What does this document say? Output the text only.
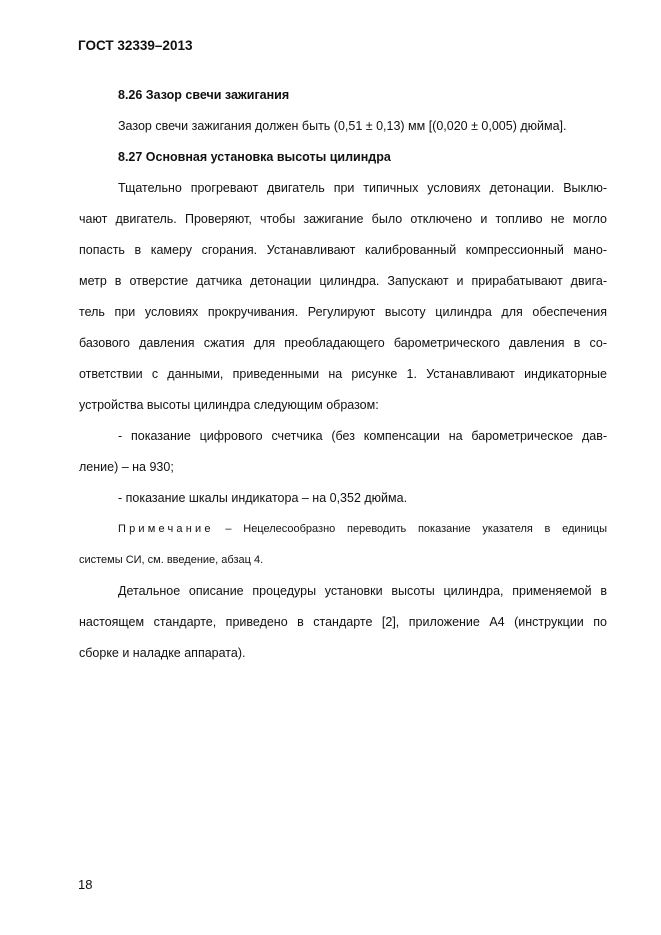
ГОСТ 32339–2013
8.26 Зазор свечи зажигания
Зазор свечи зажигания должен быть (0,51 ± 0,13) мм [(0,020 ± 0,005) дюйма].
8.27 Основная установка высоты цилиндра
Тщательно прогревают двигатель при типичных условиях детонации. Выклю-
чают двигатель. Проверяют, чтобы зажигание было отключено и топливо не могло
попасть в камеру сгорания. Устанавливают калиброванный компрессионный мано-
метр в отверстие датчика детонации цилиндра. Запускают и прирабатывают двига-
тель при условиях прокручивания. Регулируют высоту цилиндра для обеспечения
базового давления сжатия для преобладающего барометрического давления в со-
ответствии с данными, приведенными на рисунке 1. Устанавливают индикаторные
устройства высоты цилиндра следующим образом:
- показание цифрового счетчика (без компенсации на барометрическое дав-
ление) – на 930;
- показание шкалы индикатора – на 0,352 дюйма.
Примечание – Нецелесообразно переводить показание указателя в единицы
системы СИ, см. введение, абзац 4.
Детальное описание процедуры установки высоты цилиндра, применяемой в
настоящем стандарте, приведено в стандарте [2], приложение А4 (инструкции по
сборке и наладке аппарата).
18
